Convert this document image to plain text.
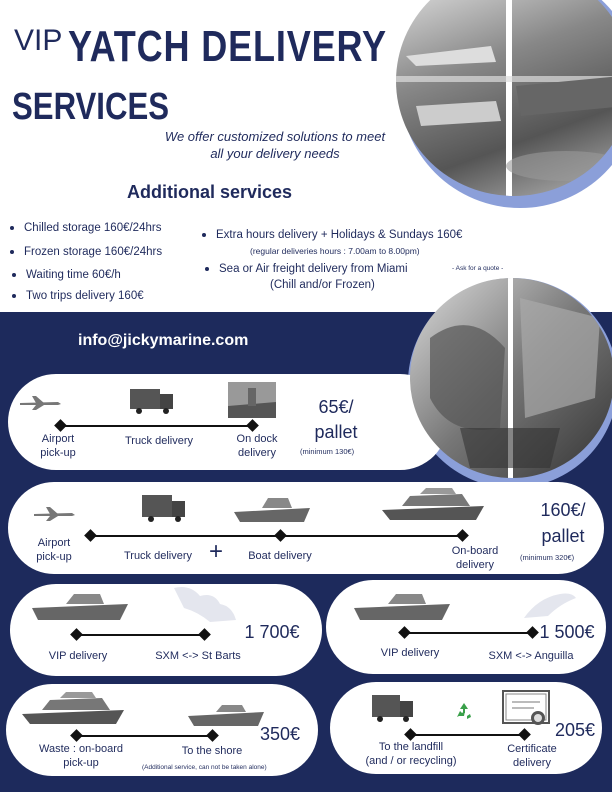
VIP YATCH DELIVERY
SERVICES
We offer customized solutions to meet all your delivery needs
Additional services
Chilled storage 160€/24hrs
Frozen storage 160€/24hrs
Waiting time 60€/h
Two trips delivery 160€
Extra hours delivery + Holidays & Sundays 160€
(regular deliveries hours : 7.00am to 8.00pm)
Sea or Air freight delivery from Miami	- Ask for a quote -
(Chill and/or Frozen)
info@jickymarine.com
Airport
pick-up
Truck delivery	On dock
delivery
65€/
pallet
(minimum 130€)
Airport
pick-up	Truck delivery +	Boat delivery	On-board
delivery
160€/
pallet
(minimum 320€)
VIP delivery	SXM <-> St Barts
1 700€
VIP delivery	SXM <-> Anguilla
1 500€
Waste : on-board
pick-up
To the shore
350€
(Additional service, can not be taken alone)
To the landfill
(and / or recycling)
Certificate
delivery
205€
